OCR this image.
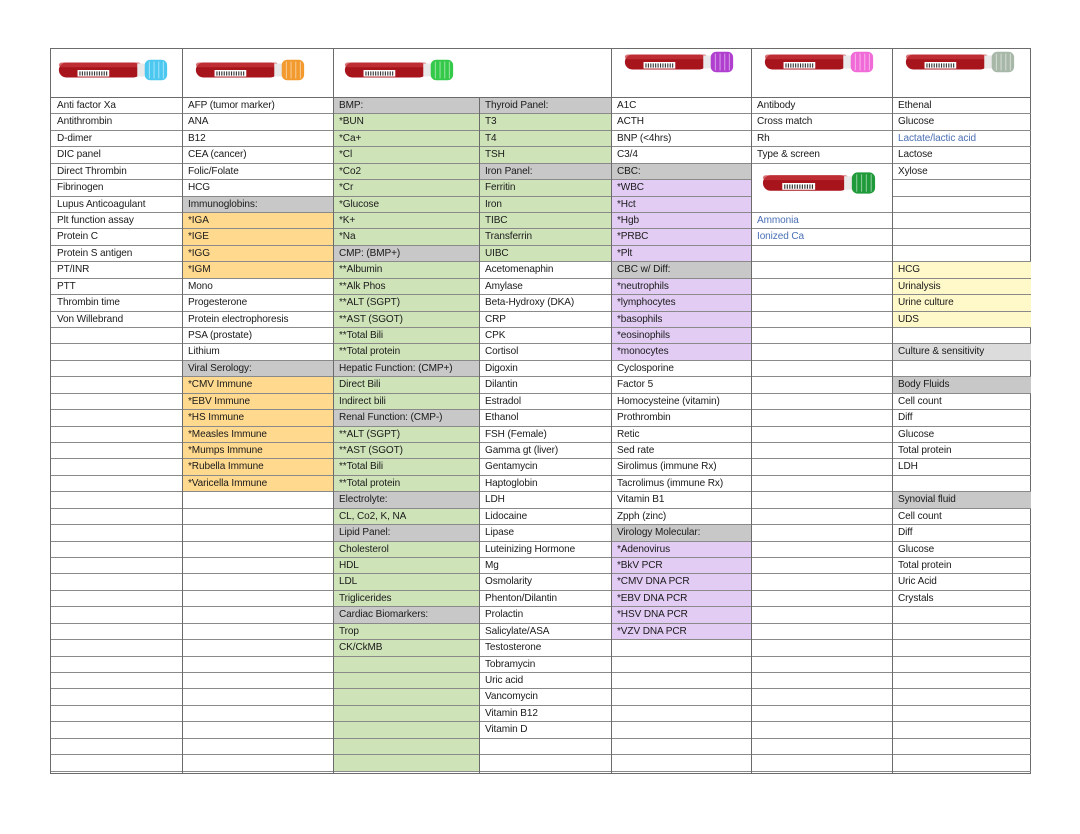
Anti factor Xa
Antithrombin
D-dimer
DIC panel
Direct Thrombin
Fibrinogen
Lupus Anticoagulant
Plt function assay
Protein C
Protein S antigen
PT/INR
PTT
Thrombin time
Von Willebrand
AFP (tumor marker)
ANA
B12
CEA (cancer)
Folic/Folate
HCG
Immunoglobins:
*IGA
*IGE
*IGG
*IGM
Mono
Progesterone
Protein electrophoresis
PSA (prostate)
Lithium
Viral Serology:
*CMV Immune
*EBV Immune
*HS Immune
*Measles Immune
*Mumps Immune
*Rubella Immune
*Varicella Immune
BMP:
*BUN
*Ca+
*Cl
*Co2
*Cr
*Glucose
*K+
*Na
CMP: (BMP+)
**Albumin
**Alk Phos
**ALT (SGPT)
**AST (SGOT)
**Total Bili
**Total protein
Hepatic Function: (CMP+)
Direct Bili
Indirect bili
Renal Function: (CMP-)
**ALT (SGPT)
**AST (SGOT)
**Total Bili
**Total protein
Electrolyte:
CL, Co2, K, NA
Lipid Panel:
Cholesterol
HDL
LDL
Triglicerides
Cardiac Biomarkers:
Trop
CK/CkMB
Thyroid Panel:
T3
T4
TSH
Iron Panel:
Ferritin
Iron
TIBC
Transferrin
UIBC
Acetomenaphin
Amylase
Beta-Hydroxy (DKA)
CRP
CPK
Cortisol
Digoxin
Dilantin
Estradol
Ethanol
FSH (Female)
Gamma gt (liver)
Gentamycin
Haptoglobin
LDH
Lidocaine
Lipase
Luteinizing Hormone
Mg
Osmolarity
Phenton/Dilantin
Prolactin
Salicylate/ASA
Testosterone
Tobramycin
Uric acid
Vancomycin
Vitamin B12
Vitamin D
A1C
ACTH
BNP (<4hrs)
C3/4
CBC:
*WBC
*Hct
*Hgb
*PRBC
*Plt
CBC w/ Diff:
*neutrophils
*lymphocytes
*basophils
*eosinophils
*monocytes
Cyclosporine
Factor 5
Homocysteine (vitamin)
Prothrombin
Retic
Sed rate
Sirolimus (immune Rx)
Tacrolimus (immune Rx)
Vitamin B1
Zpph (zinc)
Virology Molecular:
*Adenovirus
*BkV PCR
*CMV DNA PCR
*EBV DNA PCR
*HSV DNA PCR
*VZV DNA PCR
Antibody
Cross match
Rh
Type & screen
Ammonia
Ionized Ca
Ethenal
Glucose
Lactate/lactic acid
Lactose
Xylose
HCG
Urinalysis
Urine culture
UDS
Culture & sensitivity
Body Fluids
Cell count
Diff
Glucose
Total protein
LDH
Synovial fluid
Cell count
Diff
Glucose
Total protein
Uric Acid
Crystals
